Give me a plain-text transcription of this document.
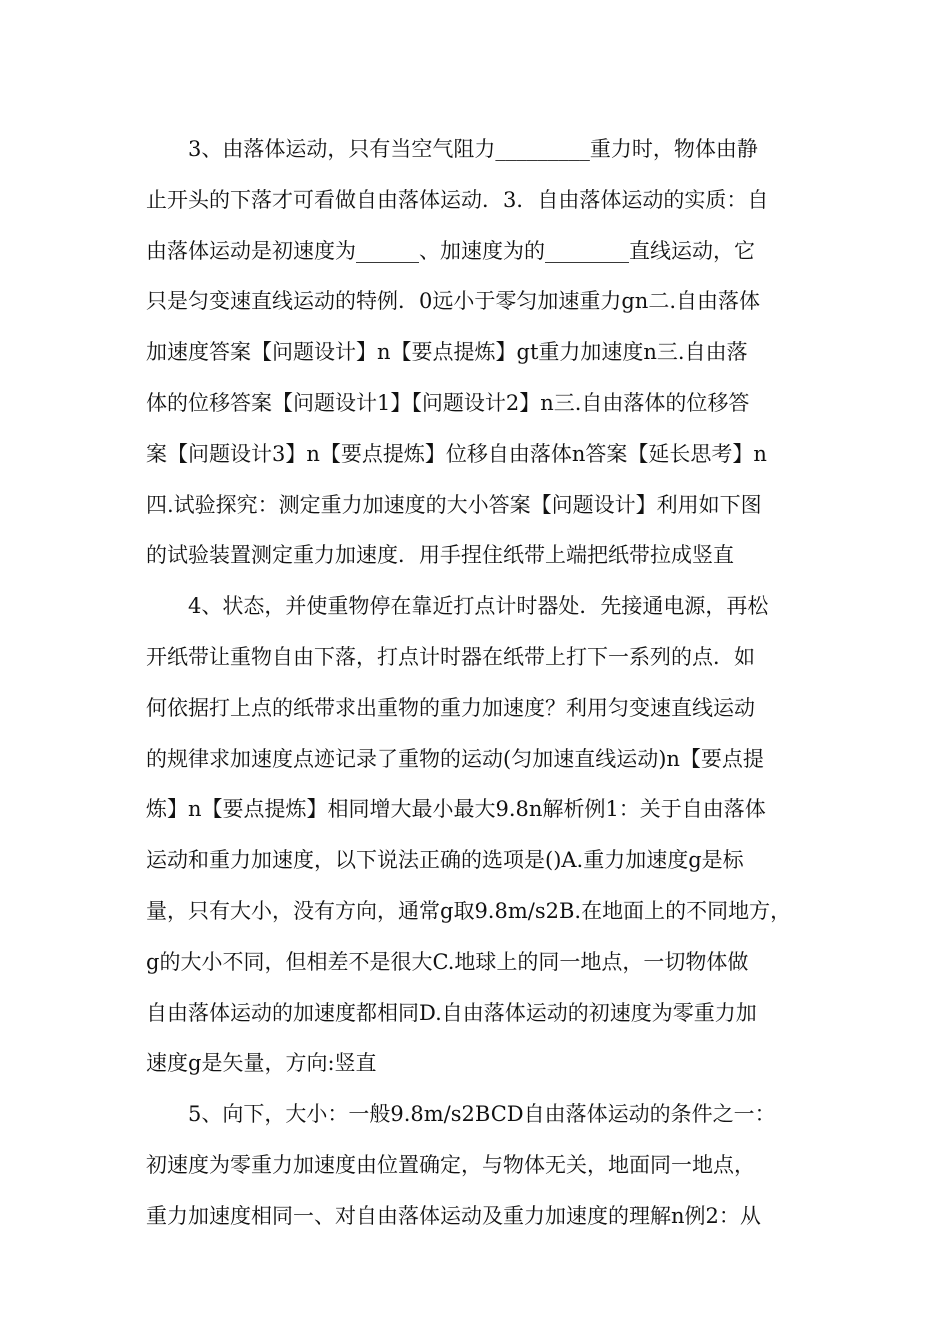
3、由落体运动，只有当空气阻力_________重力时，物体由静
止开头的下落才可看做自由落体运动．3．自由落体运动的实质：自
由落体运动是初速度为______、加速度为的________直线运动，它
只是匀变速直线运动的特例．0远小于零匀加速重力gn二.自由落体
加速度答案【问题设计】n【要点提炼】gt重力加速度n三.自由落
体的位移答案【问题设计1】【问题设计2】n三.自由落体的位移答
案【问题设计3】n【要点提炼】位移自由落体n答案【延长思考】n
四.试验探究：测定重力加速度的大小答案【问题设计】利用如下图
的试验装置测定重力加速度．用手捏住纸带上端把纸带拉成竖直

4、状态，并使重物停在靠近打点计时器处．先接通电源，再松
开纸带让重物自由下落，打点计时器在纸带上打下一系列的点．如
何依据打上点的纸带求出重物的重力加速度？利用匀变速直线运动
的规律求加速度点迹记录了重物的运动(匀加速直线运动)n【要点提
炼】n【要点提炼】相同增大最小最大9.8n解析例1：关于自由落体
运动和重力加速度，以下说法正确的选项是()A.重力加速度g是标
量，只有大小，没有方向，通常g取9.8m/s2B.在地面上的不同地方，
g的大小不同，但相差不是很大C.地球上的同一地点，一切物体做
自由落体运动的加速度都相同D.自由落体运动的初速度为零重力加
速度g是矢量，方向:竖直

5、向下，大小：一般9.8m/s2BCD自由落体运动的条件之一：
初速度为零重力加速度由位置确定，与物体无关，地面同一地点，
重力加速度相同一、对自由落体运动及重力加速度的理解n例2：从
